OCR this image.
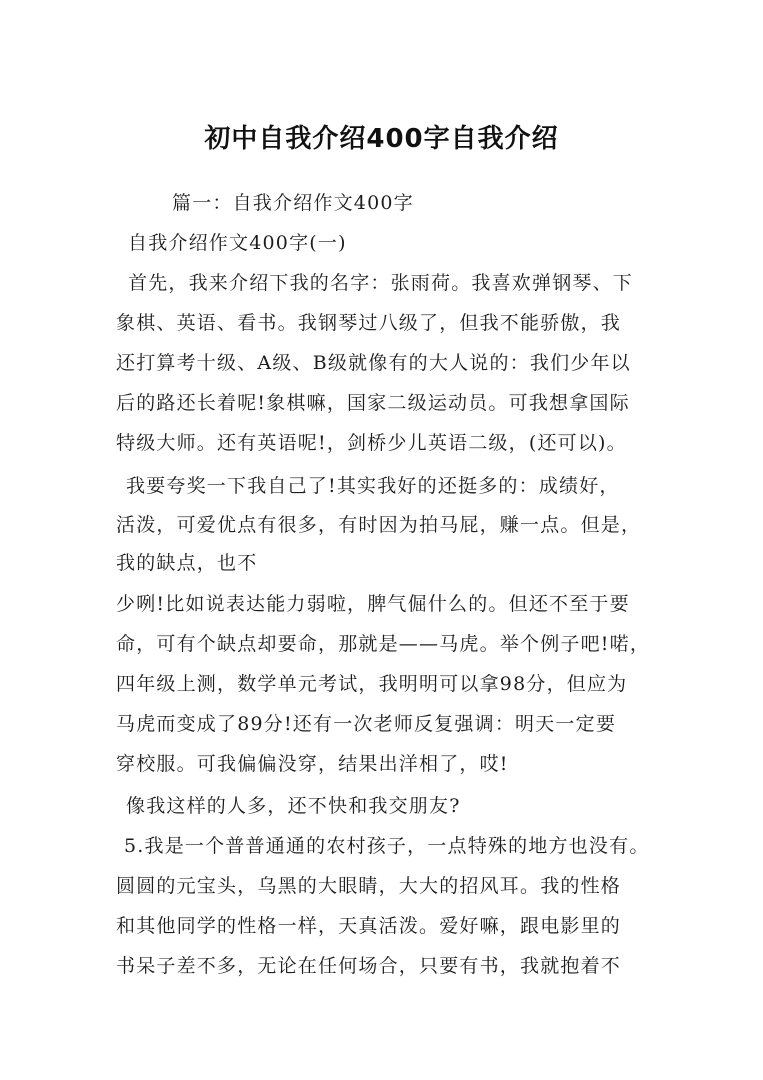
初中自我介绍400字自我介绍
篇一：自我介绍作文400字
自我介绍作文400字(一)
首先，我来介绍下我的名字：张雨荷。我喜欢弹钢琴、下
象棋、英语、看书。我钢琴过八级了，但我不能骄傲，我
还打算考十级、A级、B级就像有的大人说的：我们少年以
后的路还长着呢!象棋嘛，国家二级运动员。可我想拿国际
特级大师。还有英语呢!，剑桥少儿英语二级，(还可以)。
我要夸奖一下我自己了!其实我好的还挺多的：成绩好，
活泼，可爱优点有很多，有时因为拍马屁，赚一点。但是，
我的缺点，也不
少咧!比如说表达能力弱啦，脾气倔什么的。但还不至于要
命，可有个缺点却要命，那就是——马虎。举个例子吧!喏，
四年级上测，数学单元考试，我明明可以拿98分，但应为
马虎而变成了89分!还有一次老师反复强调：明天一定要
穿校服。可我偏偏没穿，结果出洋相了，哎!
像我这样的人多，还不快和我交朋友?
5.我是一个普普通通的农村孩子，一点特殊的地方也没有。
圆圆的元宝头，乌黑的大眼睛，大大的招风耳。我的性格
和其他同学的性格一样，天真活泼。爱好嘛，跟电影里的
书呆子差不多，无论在任何场合，只要有书，我就抱着不
